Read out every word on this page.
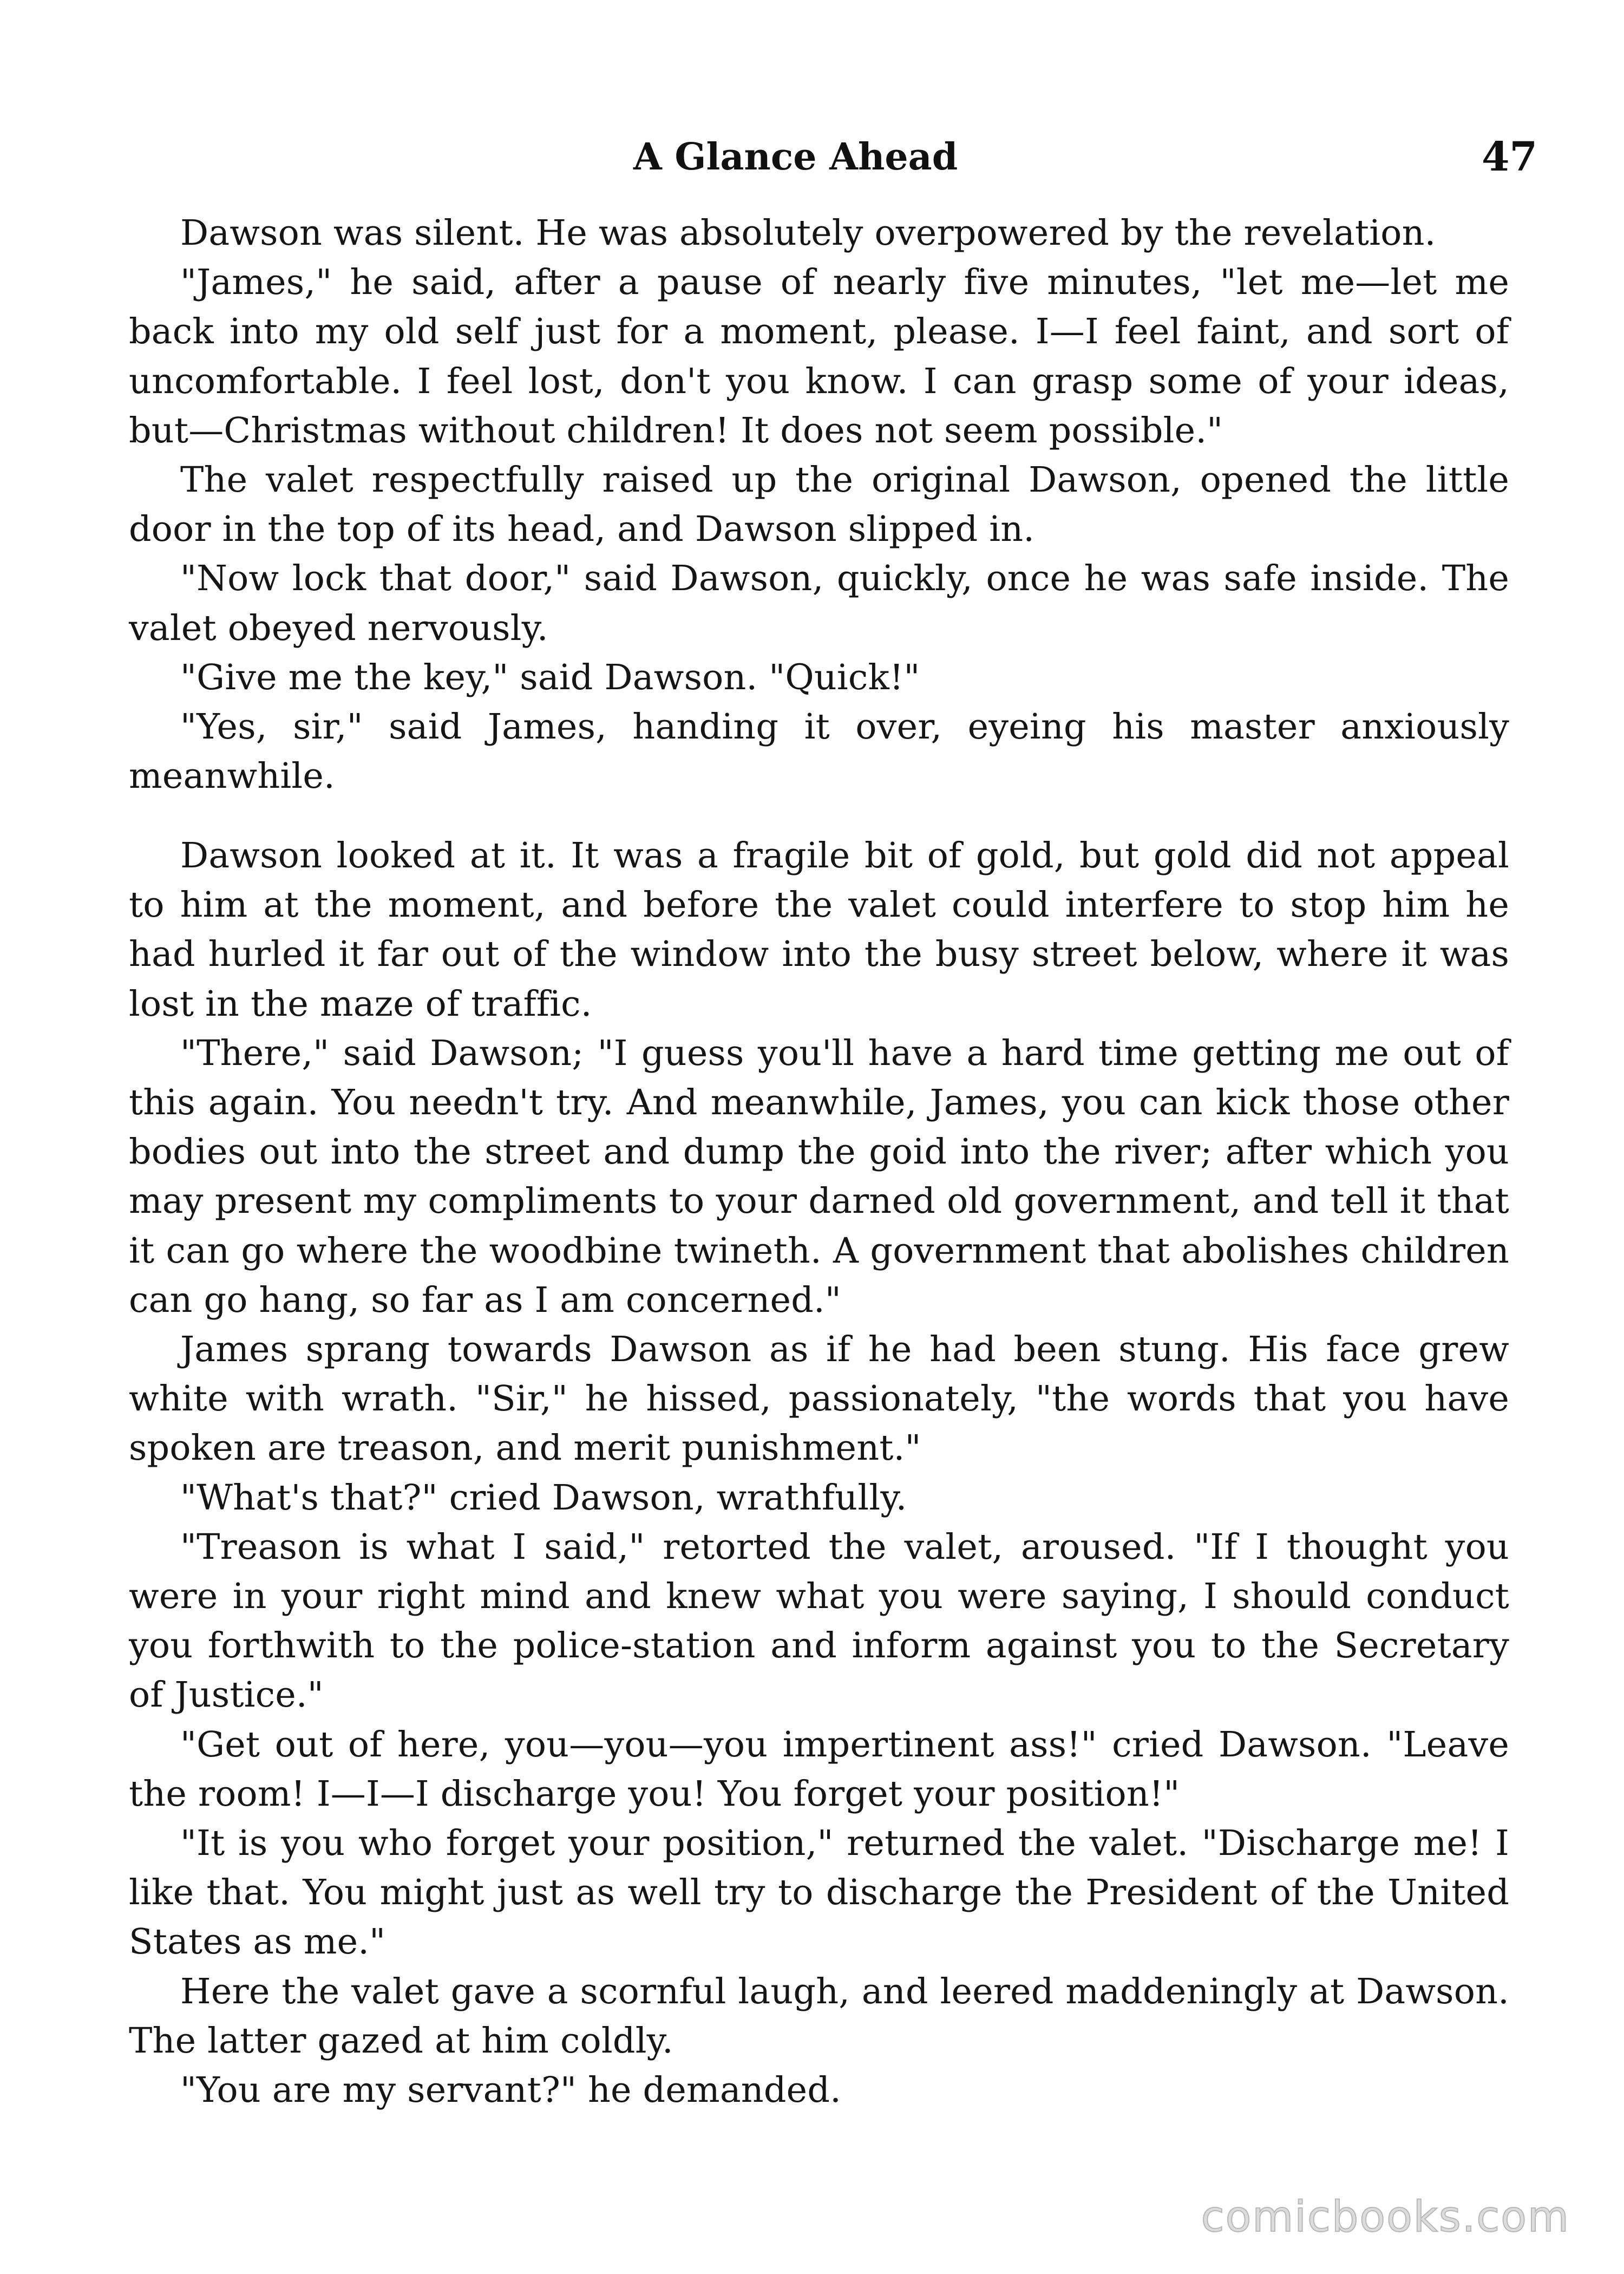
A Glance Ahead	47

Dawson was silent. He was absolutely overpowered by the revelation.

"James," he said, after a pause of nearly five minutes, "let me—let me back into my old self just for a moment, please. I—I feel faint, and sort of uncomfortable. I feel lost, don't you know. I can grasp some of your ideas, but—Christmas without children! It does not seem possible."

The valet respectfully raised up the original Dawson, opened the little door in the top of its head, and Dawson slipped in.

"Now lock that door," said Dawson, quickly, once he was safe inside. The valet obeyed nervously.

"Give me the key," said Dawson. "Quick!"

"Yes, sir," said James, handing it over, eyeing his master anxiously meanwhile.

Dawson looked at it. It was a fragile bit of gold, but gold did not appeal to him at the moment, and before the valet could interfere to stop him he had hurled it far out of the window into the busy street below, where it was lost in the maze of traffic.

"There," said Dawson; "I guess you'll have a hard time getting me out of this again. You needn't try. And meanwhile, James, you can kick those other bodies out into the street and dump the goid into the river; after which you may present my compliments to your darned old government, and tell it that it can go where the woodbine twineth. A government that abolishes children can go hang, so far as I am concerned."

James sprang towards Dawson as if he had been stung. His face grew white with wrath. "Sir," he hissed, passionately, "the words that you have spoken are treason, and merit punishment."

"What's that?" cried Dawson, wrathfully.

"Treason is what I said," retorted the valet, aroused. "If I thought you were in your right mind and knew what you were saying, I should conduct you forthwith to the police-station and inform against you to the Secretary of Justice."

"Get out of here, you—you—you impertinent ass!" cried Dawson. "Leave the room! I—I—I discharge you! You forget your position!"

"It is you who forget your position," returned the valet. "Discharge me! I like that. You might just as well try to discharge the President of the United States as me."

Here the valet gave a scornful laugh, and leered maddeningly at Dawson. The latter gazed at him coldly.

"You are my servant?" he demanded.

comicbooks.com
